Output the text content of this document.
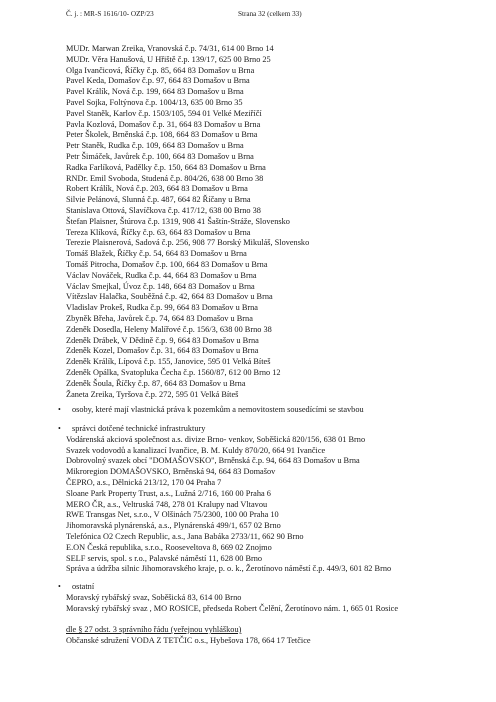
Č. j. : MR-S 1616/10- OZP/23	Strana 32 (celkem 33)
MUDr. Marwan Zreika, Vranovská č.p. 74/31, 614 00 Brno 14
MUDr. Věra Hanušová, U Hřiště č.p. 139/17, 625 00 Brno 25
Olga Ivančicová, Říčky č.p. 85, 664 83 Domašov u Brna
Pavel Keda, Domašov č.p. 97, 664 83 Domašov u Brna
Pavel Králík, Nová č.p. 199, 664 83 Domašov u Brna
Pavel Sojka, Foltýnova č.p. 1004/13, 635 00 Brno 35
Pavel Staněk, Karlov č.p. 1503/105, 594 01 Velké Meziříčí
Pavla Kozlová, Domašov č.p. 31, 664 83 Domašov u Brna
Peter Školek, Brněnská č.p. 108, 664 83 Domašov u Brna
Petr Staněk, Rudka č.p. 109, 664 83 Domašov u Brna
Petr Šimáček, Javůrek č.p. 100, 664 83 Domašov u Brna
Radka Farlíková, Padělky č.p. 150, 664 83 Domašov u Brna
RNDr. Emil Svoboda, Studená č.p. 804/26, 638 00 Brno 38
Robert Králík, Nová č.p. 203, 664 83 Domašov u Brna
Silvie Pelánová, Slunná č.p. 487, 664 82 Říčany u Brna
Stanislava Ottová, Slavíčkova č.p. 417/12, 638 00 Brno 38
Štefan Plaisner, Štúrova č.p. 1319, 908 41 Šaštín-Stráže, Slovensko
Tereza Klíková, Říčky č.p. 63, 664 83 Domašov u Brna
Terezie Plaisnerová, Sadová č.p. 256, 908 77 Borský Mikuláš, Slovensko
Tomáš Blažek, Říčky č.p. 54, 664 83 Domašov u Brna
Tomáš Pitrocha, Domašov č.p. 100, 664 83 Domašov u Brna
Václav Nováček, Rudka č.p. 44, 664 83 Domašov u Brna
Václav Smejkal, Úvoz č.p. 148, 664 83 Domašov u Brna
Vítězslav Halačka, Souběžná č.p. 42, 664 83 Domašov u Brna
Vladislav Prokeš, Rudka č.p. 99, 664 83 Domašov u Brna
Zbyněk Břeha, Javůrek č.p. 74, 664 83 Domašov u Brna
Zdeněk Dosedla, Heleny Malířové č.p. 156/3, 638 00 Brno 38
Zdeněk Drábek, V Dědině č.p. 9, 664 83 Domašov u Brna
Zdeněk Kozel, Domašov č.p. 31, 664 83 Domašov u Brna
Zdeněk Králík, Lípová č.p. 155, Janovice, 595 01 Velká Bíteš
Zdeněk Opálka, Svatopluka Čecha č.p. 1560/87, 612 00 Brno 12
Zdeněk Šoula, Říčky č.p. 87, 664 83 Domašov u Brna
Žaneta Zreika, Tyršova č.p. 272, 595 01 Velká Bíteš
• osoby, které mají vlastnická práva k pozemkům a nemovitostem sousedícími se stavbou
• správci dotčené technické infrastruktury
Vodárenská akciová společnost a.s. divize Brno- venkov, Soběšická 820/156, 638 01 Brno
Svazek vodovodů a kanalizací Ivančice, B. M. Kuldy 870/20, 664 91 Ivančice
Dobrovolný svazek obcí "DOMAŠOVSKO", Brněnská č.p. 94, 664 83 Domašov u Brna
Mikroregion DOMAŠOVSKO, Brněnská 94, 664 83 Domašov
ČEPRO, a.s., Dělnická 213/12, 170 04 Praha 7
Sloane Park Property Trust, a.s., Lužná 2/716, 160 00 Praha 6
MERO ČR, a.s., Veltruská 748, 278 01 Kralupy nad Vltavou
RWE Transgas Net, s.r.o., V Olšinách 75/2300, 100 00 Praha 10
Jihomoravská plynárenská, a.s., Plynárenská 499/1, 657 02 Brno
Telefónica O2 Czech Republic, a.s., Jana Babáka 2733/11, 662 90 Brno
E.ON Česká republika, s.r.o., Rooseveltova 8, 669 02 Znojmo
SELF servis, spol. s r.o., Palavské náměstí 11, 628 00 Brno
Správa a údržba silnic Jihomoravského kraje, p. o. k., Žerotínovo náměstí č.p. 449/3, 601 82 Brno
• ostatní
Moravský rybářský svaz, Soběšická 83, 614 00 Brno
Moravský rybářský svaz , MO ROSICE, předseda Robert Čelění, Žerotínovo nám. 1, 665 01 Rosice
dle § 27 odst. 3 správního řádu (veřejnou vyhláškou)
Občanské sdružení VODA Z TETČIC o.s., Hybešova 178, 664 17 Tetčice
